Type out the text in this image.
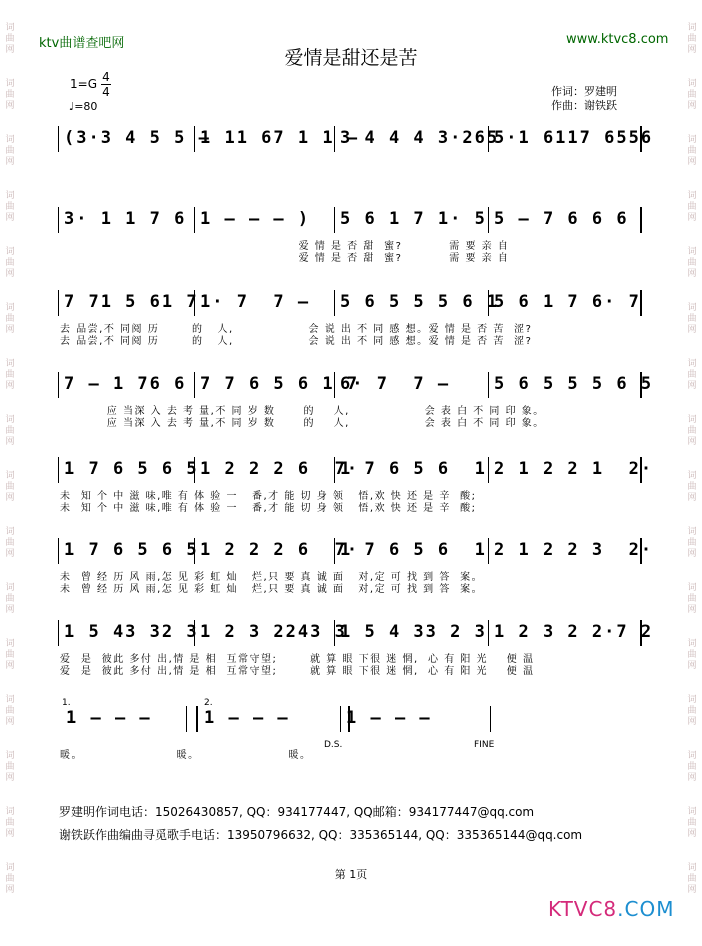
词
曲
网
词
曲
网
词
曲
网
词
曲
网
词
曲
网
词
曲
网
词
曲
网
词
曲
网
词
曲
网
词
曲
网
词
曲
网
词
曲
网
词
曲
网
词
曲
网
词
曲
网
词
曲
网
词
曲
网
词
曲
网
词
曲
网
词
曲
网
词
曲
网
词
曲
网
词
曲
网
词
曲
网
词
曲
网
词
曲
网
词
曲
网
词
曲
网
词
曲
网
词
曲
网
词
曲
网
词
曲
网
ktv曲谱查吧网	www.ktvc8.com
爱情是甜还是苦
1=G 4
4
♩=80
作词：罗建明
作曲：谢铁跃
(3·3 4 5 5 –
1 11 67 1 1 –
3 4 4 4 3·265
5·1 6117 6556
3· 1 1 7 6 1 – – – ) 5 6 1 7 1· 5 5 – 7 6 6 6
爱 情 是 否 甜  蜜?          需 要 亲 自
爱 情 是 否 甜  蜜?          需 要 亲 自
7 71 5 61 7 1· 7  7 – 5 6 5 5 5 6 1
5 6 1 7 6· 7
去 品尝,不 同阅 历       的   人,                会 说 出 不 同 感 想。爱 情 是 否 苦  涩?
去 品尝,不 同阅 历       的   人,                会 说 出 不 同 感 想。爱 情 是 否 苦  涩?
7 – 1 76 6 7 7 6 5 6 1 7
6· 7  7 –	5 6 5 5 5 6 5
应 当深 入 去 考 量,不 同 岁 数      的    人,                会 表 白 不 同 印 象。
应 当深 入 去 考 量,不 同 岁 数      的    人,                会 表 白 不 同 印 象。
1 7 6 5 6 5 1 2 2 2 6  7·
1 7 6 5 6  1 2 1 2 2 1  2·
未  知 个 中 滋 味,唯 有 体 验 一   番,才 能 切 身 领   悟,欢 快 还 是 辛  酸;
未  知 个 中 滋 味,唯 有 体 验 一   番,才 能 切 身 领   悟,欢 快 还 是 辛  酸;
1 7 6 5 6 5 1 2 2 2 6  7·
1 7 6 5 6  1 2 1 2 2 3  2·
未  曾 经 历 风 雨,怎 见 彩 虹 灿   烂,只 要 真 诚 面   对,定 可 找 到 答  案。
未  曾 经 历 风 雨,怎 见 彩 虹 灿   烂,只 要 真 诚 面   对,定 可 找 到 答  案。
1 5 43 32 3 1 2 3 2243 3
1 5 4 33 2 3 1 2 3 2 2·7 2
爱  是  彼此 多付 出,情 是 相  互常守望;       就 算 眼 下很 迷 惘,  心 有 阳 光    便 温
爱  是  彼此 多付 出,情 是 相  互常守望;       就 算 眼 下很 迷 惘,  心 有 阳 光    便 温
1 – – –	1 – – –	1 – – –
暖。                    暖。                   暖。
1.	2.
D.S.	FINE
罗建明作词电话：15026430857, QQ：934177447, QQ邮箱：934177447@qq.com
谢铁跃作曲编曲寻觅歌手电话：13950796632, QQ：335365144, QQ：335365144@qq.com
第 1页
KTVC8.COM
